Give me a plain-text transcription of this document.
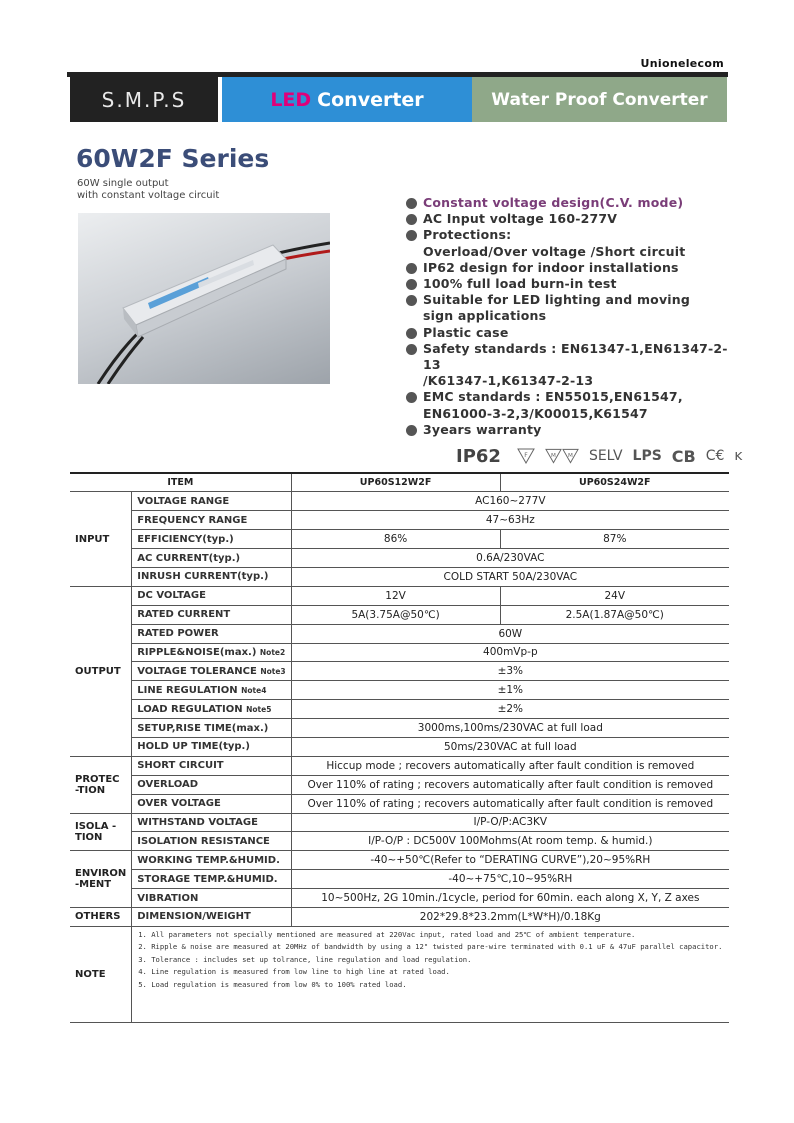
Unionelecom
S.M.P.S	LED Converter	Water Proof Converter
60W2F Series
60W single output
with constant voltage circuit	Constant voltage design(C.V. mode)
AC Input voltage 160-277V
Protections:
Overload/Over voltage /Short circuit
IP62 design for indoor installations
100% full load burn-in test
Suitable for LED lighting and moving
sign applications
Plastic case
Safety standards : EN61347-1,EN61347-2-13
/K61347-1,K61347-2-13
EMC standards : EN55015,EN61547,
EN61000-3-2,3/K00015,K61547
3years warranty
IP62	F	M M SELV LPS CB C€ ĸ
ITEM		UP60S12W2F	UP60S24W2F
INPUT	VOLTAGE RANGE	AC160~277V	
	FREQUENCY RANGE	47~63Hz	
	EFFICIENCY(typ.)	86%	87%
	AC CURRENT(typ.)	0.6A/230VAC	
	INRUSH CURRENT(typ.)	COLD START 50A/230VAC	
OUTPUT	DC VOLTAGE	12V	24V
	RATED CURRENT	5A(3.75A@50℃)	2.5A(1.87A@50℃)
	RATED POWER	60W	
	RIPPLE&NOISE(max.) Note2	400mVp-p	
	VOLTAGE TOLERANCE Note3	±3%	
	LINE REGULATION Note4	±1%	
	LOAD REGULATION Note5	±2%	
	SETUP,RISE TIME(max.)	3000ms,100ms/230VAC at full load	
	HOLD UP TIME(typ.)	50ms/230VAC at full load	
PROTEC -TION	SHORT CIRCUIT	Hiccup mode ; recovers automatically after fault condition is removed	
	OVERLOAD	Over 110% of rating ; recovers automatically after fault condition is removed	
	OVER VOLTAGE	Over 110% of rating ; recovers automatically after fault condition is removed	
ISOLA -TION	WITHSTAND VOLTAGE	I/P-O/P:AC3KV	
	ISOLATION RESISTANCE	I/P-O/P : DC500V 100Mohms(At room temp. & humid.)	
ENVIRON -MENT	WORKING TEMP.&HUMID.	-40~+50℃(Refer to “DERATING CURVE”),20~95%RH	
	STORAGE TEMP.&HUMID.	-40~+75℃,10~95%RH	
	VIBRATION	10~500Hz, 2G 10min./1cycle, period for 60min. each along X, Y, Z axes	
OTHERS	DIMENSION/WEIGHT	202*29.8*23.2mm(L*W*H)/0.18Kg	
NOTE	1. All parameters not specially mentioned are measured at 220Vac input, rated load and 25℃ of ambient temperature.

2. Ripple & noise are measured at 20MHz of bandwidth by using a 12" twisted pare-wire terminated with 0.1 uF & 47uF parallel capacitor.

3. Tolerance : includes set up tolrance, line regulation and load regulation.

4. Line regulation is measured from low line to high line at rated load.

5. Load regulation is measured from low 0% to 100% rated load.		
